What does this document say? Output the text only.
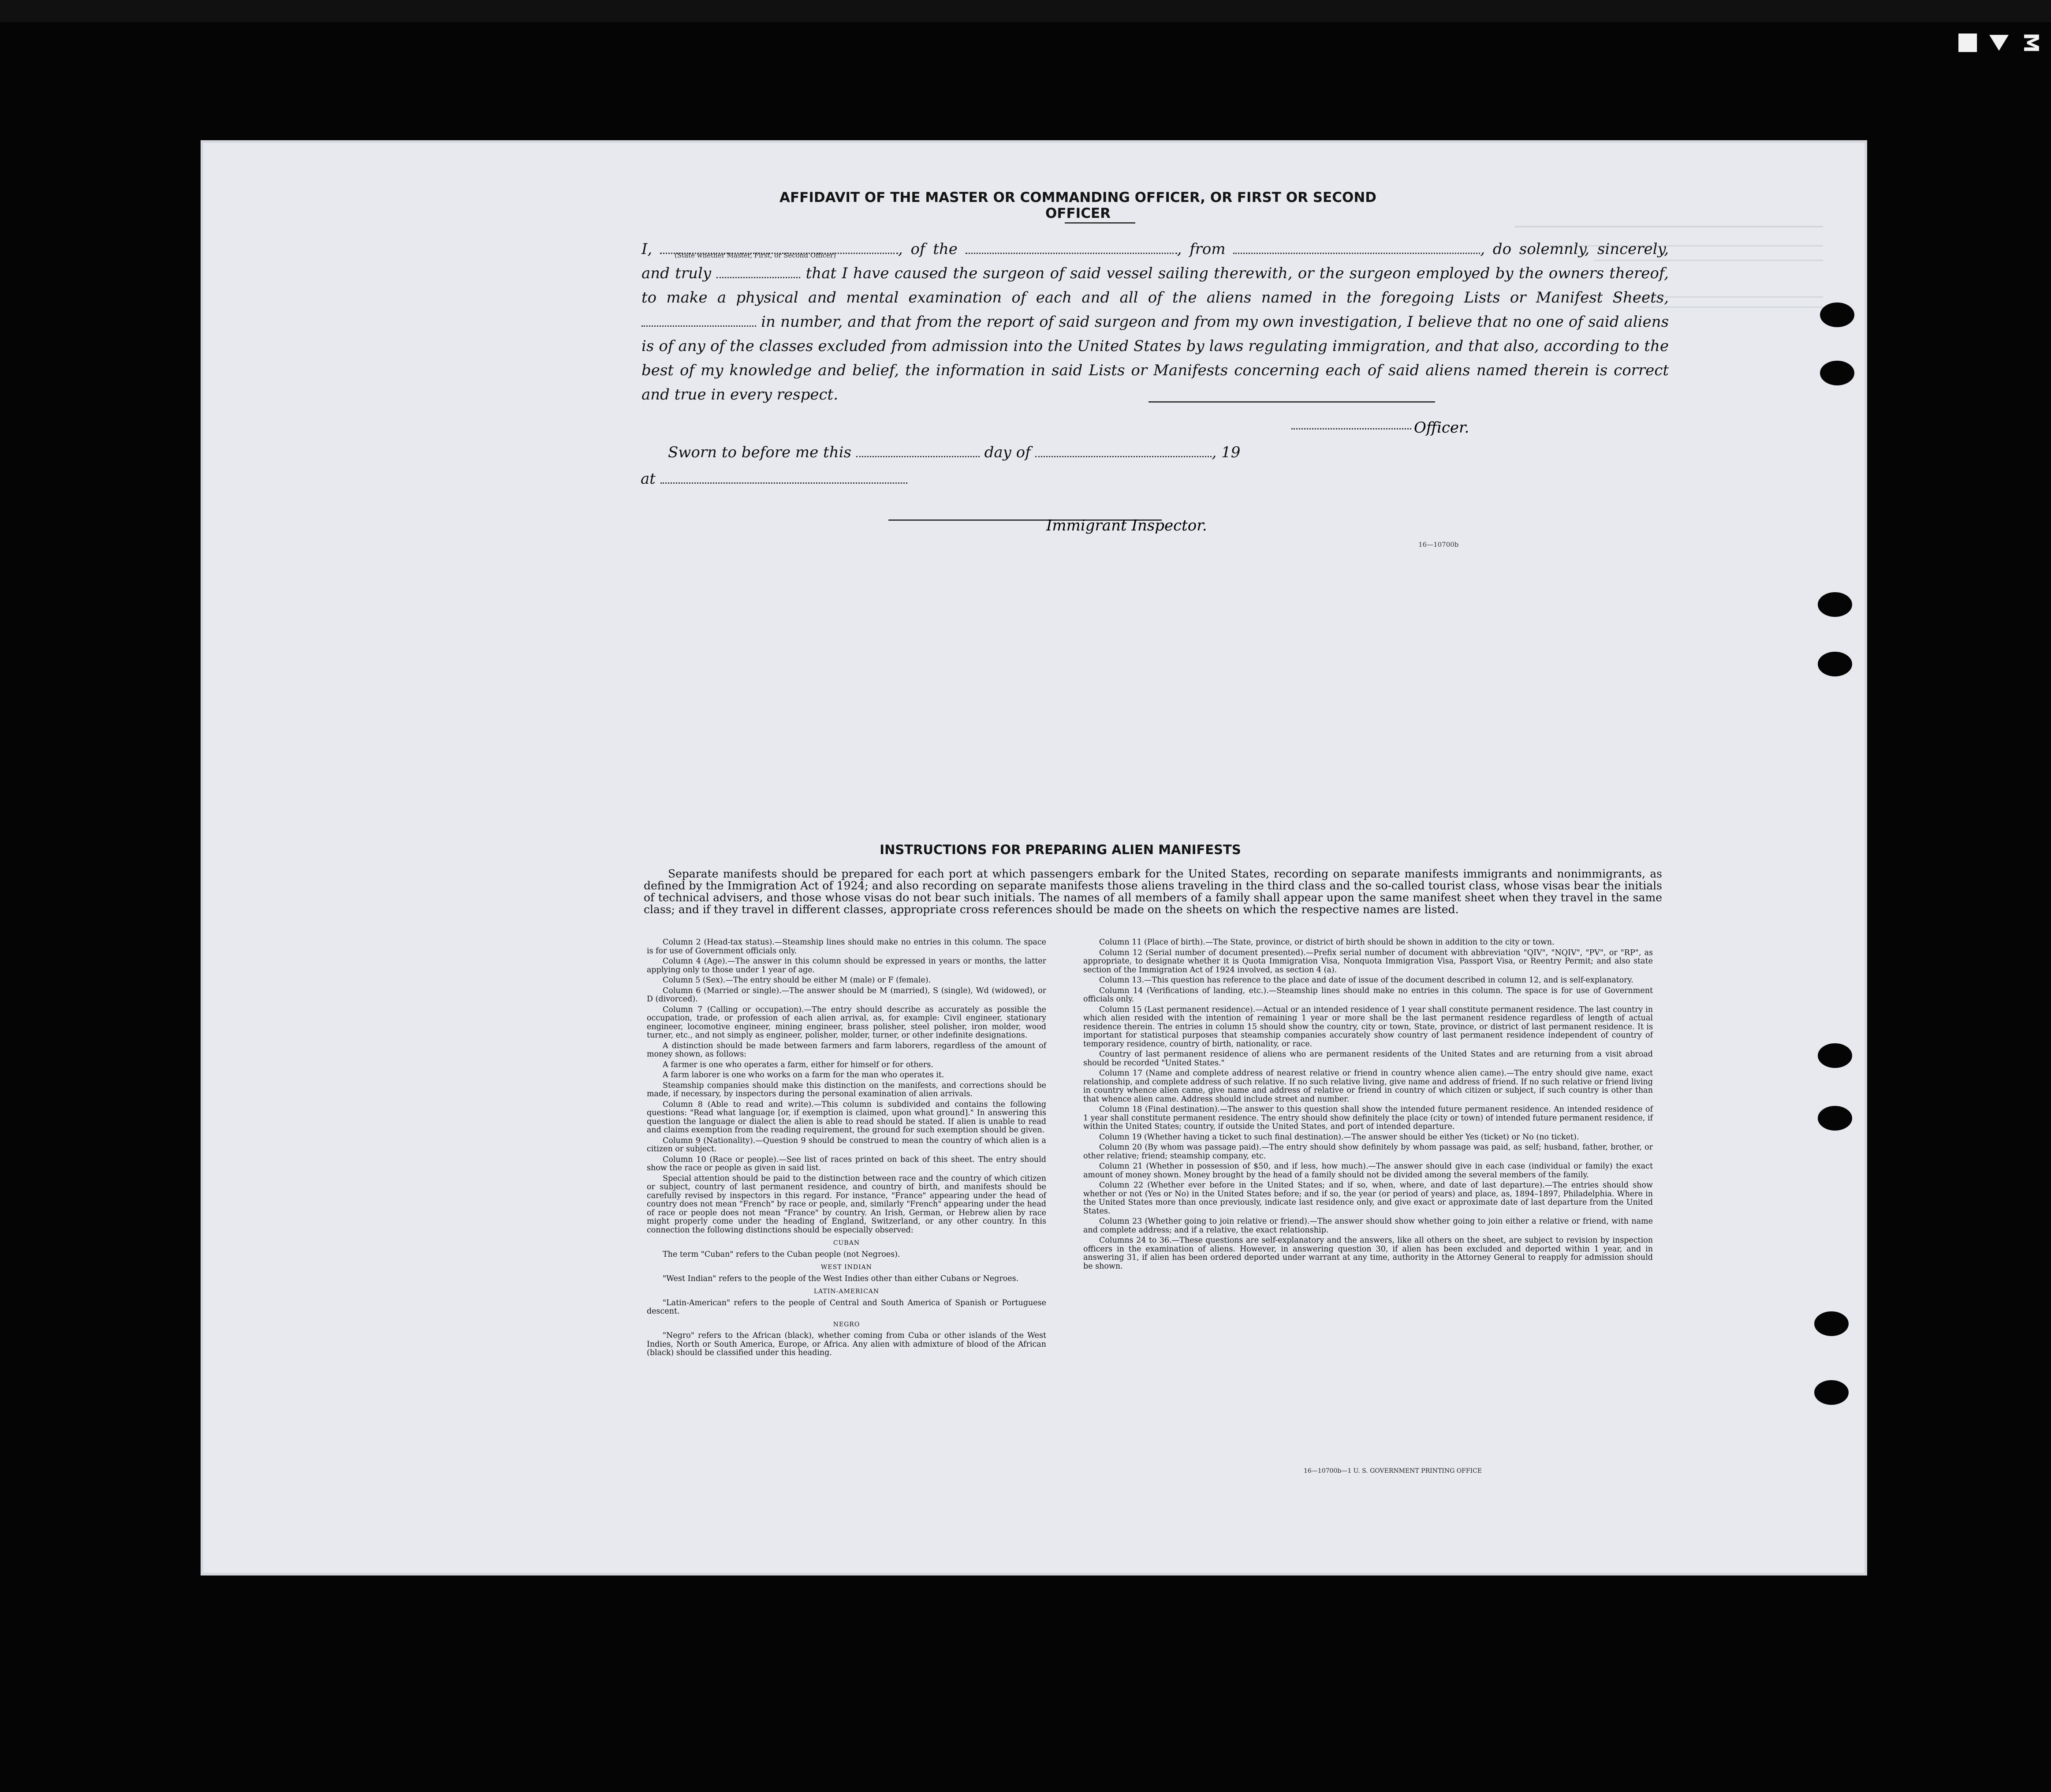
M
AFFIDAVIT OF THE MASTER OR COMMANDING OFFICER, OR FIRST OR SECOND OFFICER
I,	, of the	, from	, do solemnly, sincerely, and truly	that I have caused the surgeon of said vessel sailing therewith, or the surgeon employed by the owners thereof, to make a physical and mental examination of each and all of the aliens named in the foregoing Lists or Manifest Sheets,  in number, and that from the report of said surgeon and from my own investigation, I believe that no one of said aliens is of any of the classes excluded from admission into the United States by laws regulating immigration, and that also, according to the best of my knowledge and belief, the information in said Lists or Manifests concerning each of said aliens named therein is correct and true in every respect.
(State whether Master, First, or Second Officer)
Officer.
Sworn to before me this	day of	, 19
at
Immigrant Inspector.
16—10700b
INSTRUCTIONS FOR PREPARING ALIEN MANIFESTS
Separate manifests should be prepared for each port at which passengers embark for the United States, recording on separate manifests immigrants and nonimmigrants, as defined by the Immigration Act of 1924; and also recording on separate manifests those aliens traveling in the third class and the so-called tourist class, whose visas bear the initials of technical advisers, and those whose visas do not bear such initials. The names of all members of a family shall appear upon the same manifest sheet when they travel in the same class; and if they travel in different classes, appropriate cross references should be made on the sheets on which the respective names are listed.

Column 2 (Head-tax status).—Steamship lines should make no entries in this column. The space is for use of Government officials only.

Column 4 (Age).—The answer in this column should be expressed in years or months, the latter applying only to those under 1 year of age.

Column 5 (Sex).—The entry should be either M (male) or F (female).

Column 6 (Married or single).—The answer should be M (married), S (single), Wd (widowed), or D (divorced).

Column 7 (Calling or occupation).—The entry should describe as accurately as possible the occupation, trade, or profession of each alien arrival, as, for example: Civil engineer, stationary engineer, locomotive engineer, mining engineer, brass polisher, steel polisher, iron molder, wood turner, etc., and not simply as engineer, polisher, molder, turner, or other indefinite designations.

A distinction should be made between farmers and farm laborers, regardless of the amount of money shown, as follows:

A farmer is one who operates a farm, either for himself or for others.

A farm laborer is one who works on a farm for the man who operates it.

Steamship companies should make this distinction on the manifests, and corrections should be made, if necessary, by inspectors during the personal examination of alien arrivals.

Column 8 (Able to read and write).—This column is subdivided and contains the following questions: "Read what language [or, if exemption is claimed, upon what ground]." In answering this question the language or dialect the alien is able to read should be stated. If alien is unable to read and claims exemption from the reading requirement, the ground for such exemption should be given.

Column 9 (Nationality).—Question 9 should be construed to mean the country of which alien is a citizen or subject.

Column 10 (Race or people).—See list of races printed on back of this sheet. The entry should show the race or people as given in said list.

Special attention should be paid to the distinction between race and the country of which citizen or subject, country of last permanent residence, and country of birth, and manifests should be carefully revised by inspectors in this regard. For instance, "France" appearing under the head of country does not mean "French" by race or people, and, similarly "French" appearing under the head of race or people does not mean "France" by country. An Irish, German, or Hebrew alien by race might properly come under the heading of England, Switzerland, or any other country. In this connection the following distinctions should be especially observed:

CUBAN

The term "Cuban" refers to the Cuban people (not Negroes).

WEST INDIAN

"West Indian" refers to the people of the West Indies other than either Cubans or Negroes.

LATIN-AMERICAN

"Latin-American" refers to the people of Central and South America of Spanish or Portuguese descent.

NEGRO

"Negro" refers to the African (black), whether coming from Cuba or other islands of the West Indies, North or South America, Europe, or Africa. Any alien with admixture of blood of the African (black) should be classified under this heading.

Column 11 (Place of birth).—The State, province, or district of birth should be shown in addition to the city or town.

Column 12 (Serial number of document presented).—Prefix serial number of document with abbreviation "QIV", "NQIV", "PV", or "RP", as appropriate, to designate whether it is Quota Immigration Visa, Nonquota Immigration Visa, Passport Visa, or Reentry Permit; and also state section of the Immigration Act of 1924 involved, as section 4 (a).

Column 13.—This question has reference to the place and date of issue of the document described in column 12, and is self-explanatory.

Column 14 (Verifications of landing, etc.).—Steamship lines should make no entries in this column. The space is for use of Government officials only.

Column 15 (Last permanent residence).—Actual or an intended residence of 1 year shall constitute permanent residence. The last country in which alien resided with the intention of remaining 1 year or more shall be the last permanent residence regardless of length of actual residence therein. The entries in column 15 should show the country, city or town, State, province, or district of last permanent residence. It is important for statistical purposes that steamship companies accurately show country of last permanent residence independent of country of temporary residence, country of birth, nationality, or race.

Country of last permanent residence of aliens who are permanent residents of the United States and are returning from a visit abroad should be recorded "United States."

Column 17 (Name and complete address of nearest relative or friend in country whence alien came).—The entry should give name, exact relationship, and complete address of such relative. If no such relative living, give name and address of friend. If no such relative or friend living in country whence alien came, give name and address of relative or friend in country of which citizen or subject, if such country is other than that whence alien came. Address should include street and number.

Column 18 (Final destination).—The answer to this question shall show the intended future permanent residence. An intended residence of 1 year shall constitute permanent residence. The entry should show definitely the place (city or town) of intended future permanent residence, if within the United States; country, if outside the United States, and port of intended departure.

Column 19 (Whether having a ticket to such final destination).—The answer should be either Yes (ticket) or No (no ticket).

Column 20 (By whom was passage paid).—The entry should show definitely by whom passage was paid, as self; husband, father, brother, or other relative; friend; steamship company, etc.

Column 21 (Whether in possession of $50, and if less, how much).—The answer should give in each case (individual or family) the exact amount of money shown. Money brought by the head of a family should not be divided among the several members of the family.

Column 22 (Whether ever before in the United States; and if so, when, where, and date of last departure).—The entries should show whether or not (Yes or No) in the United States before; and if so, the year (or period of years) and place, as, 1894–1897, Philadelphia. Where in the United States more than once previously, indicate last residence only, and give exact or approximate date of last departure from the United States.

Column 23 (Whether going to join relative or friend).—The answer should show whether going to join either a relative or friend, with name and complete address; and if a relative, the exact relationship.

Columns 24 to 36.—These questions are self-explanatory and the answers, like all others on the sheet, are subject to revision by inspection officers in the examination of aliens. However, in answering question 30, if alien has been excluded and deported within 1 year, and in answering 31, if alien has been ordered deported under warrant at any time, authority in the Attorney General to reapply for admission should be shown.

16—10700b—1 U. S. GOVERNMENT PRINTING OFFICE
